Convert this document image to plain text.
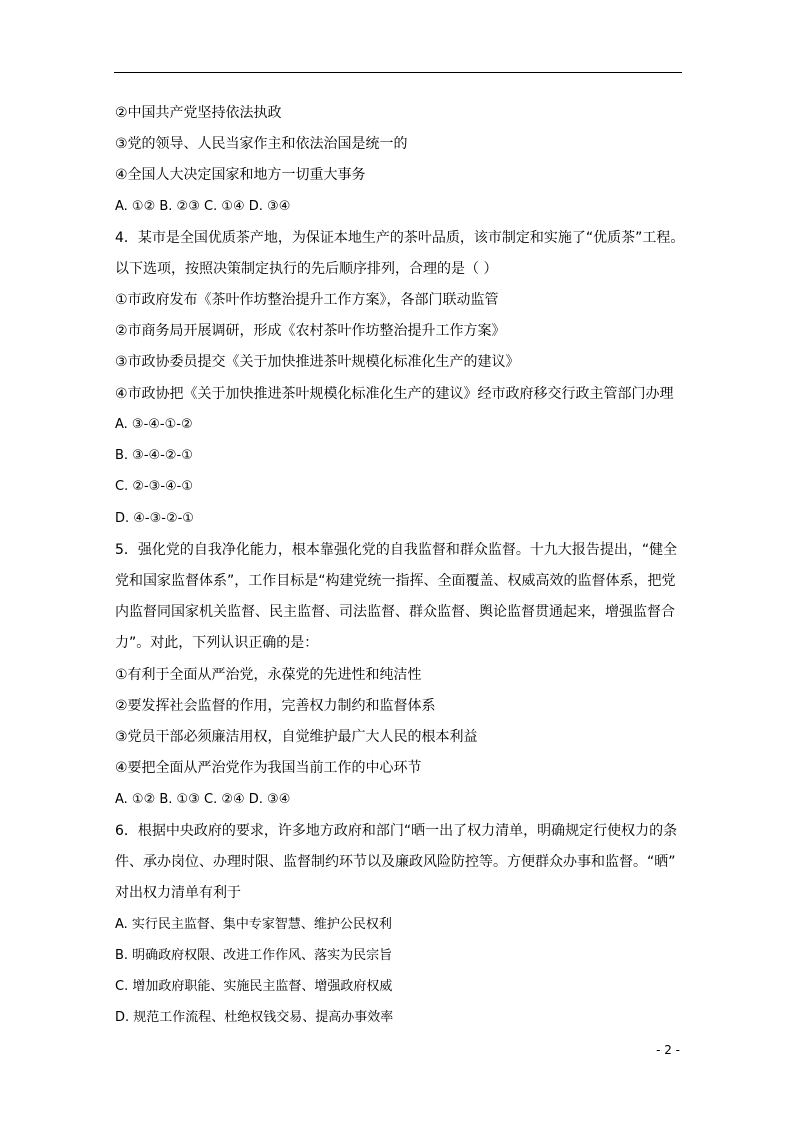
②中国共产党坚持依法执政
③党的领导、人民当家作主和依法治国是统一的
④全国人大决定国家和地方一切重大事务
A. ①② B. ②③ C. ①④ D. ③④
4．某市是全国优质茶产地，为保证本地生产的茶叶品质，该市制定和实施了“优质茶”工程。
以下选项，按照决策制定执行的先后顺序排列，合理的是（ ）
①市政府发布《茶叶作坊整治提升工作方案》，各部门联动监管
②市商务局开展调研，形成《农村茶叶作坊整治提升工作方案》
③市政协委员提交《关于加快推进茶叶规模化标准化生产的建议》
④市政协把《关于加快推进茶叶规模化标准化生产的建议》经市政府移交行政主管部门办理
A. ③-④-①-②
B. ③-④-②-①
C. ②-③-④-①
D. ④-③-②-①
5．强化党的自我净化能力，根本靠强化党的自我监督和群众监督。十九大报告提出，“健全
党和国家监督体系”，工作目标是“构建党统一指挥、全面覆盖、权威高效的监督体系，把党
内监督同国家机关监督、民主监督、司法监督、群众监督、舆论监督贯通起来，增强监督合
力”。对此，下列认识正确的是：
①有利于全面从严治党，永葆党的先进性和纯洁性
②要发挥社会监督的作用，完善权力制约和监督体系
③党员干部必须廉洁用权，自觉维护最广大人民的根本利益
④要把全面从严治党作为我国当前工作的中心环节
A. ①② B. ①③ C. ②④ D. ③④
6．根据中央政府的要求，许多地方政府和部门“晒一出了权力清单，明确规定行使权力的条
件、承办岗位、办理时限、监督制约环节以及廉政风险防控等。方便群众办事和监督。“晒”
对出权力清单有利于
A. 实行民主监督、集中专家智慧、维护公民权利
B. 明确政府权限、改进工作作风、落实为民宗旨
C. 增加政府职能、实施民主监督、增强政府权威
D. 规范工作流程、杜绝权钱交易、提高办事效率
- 2 -
